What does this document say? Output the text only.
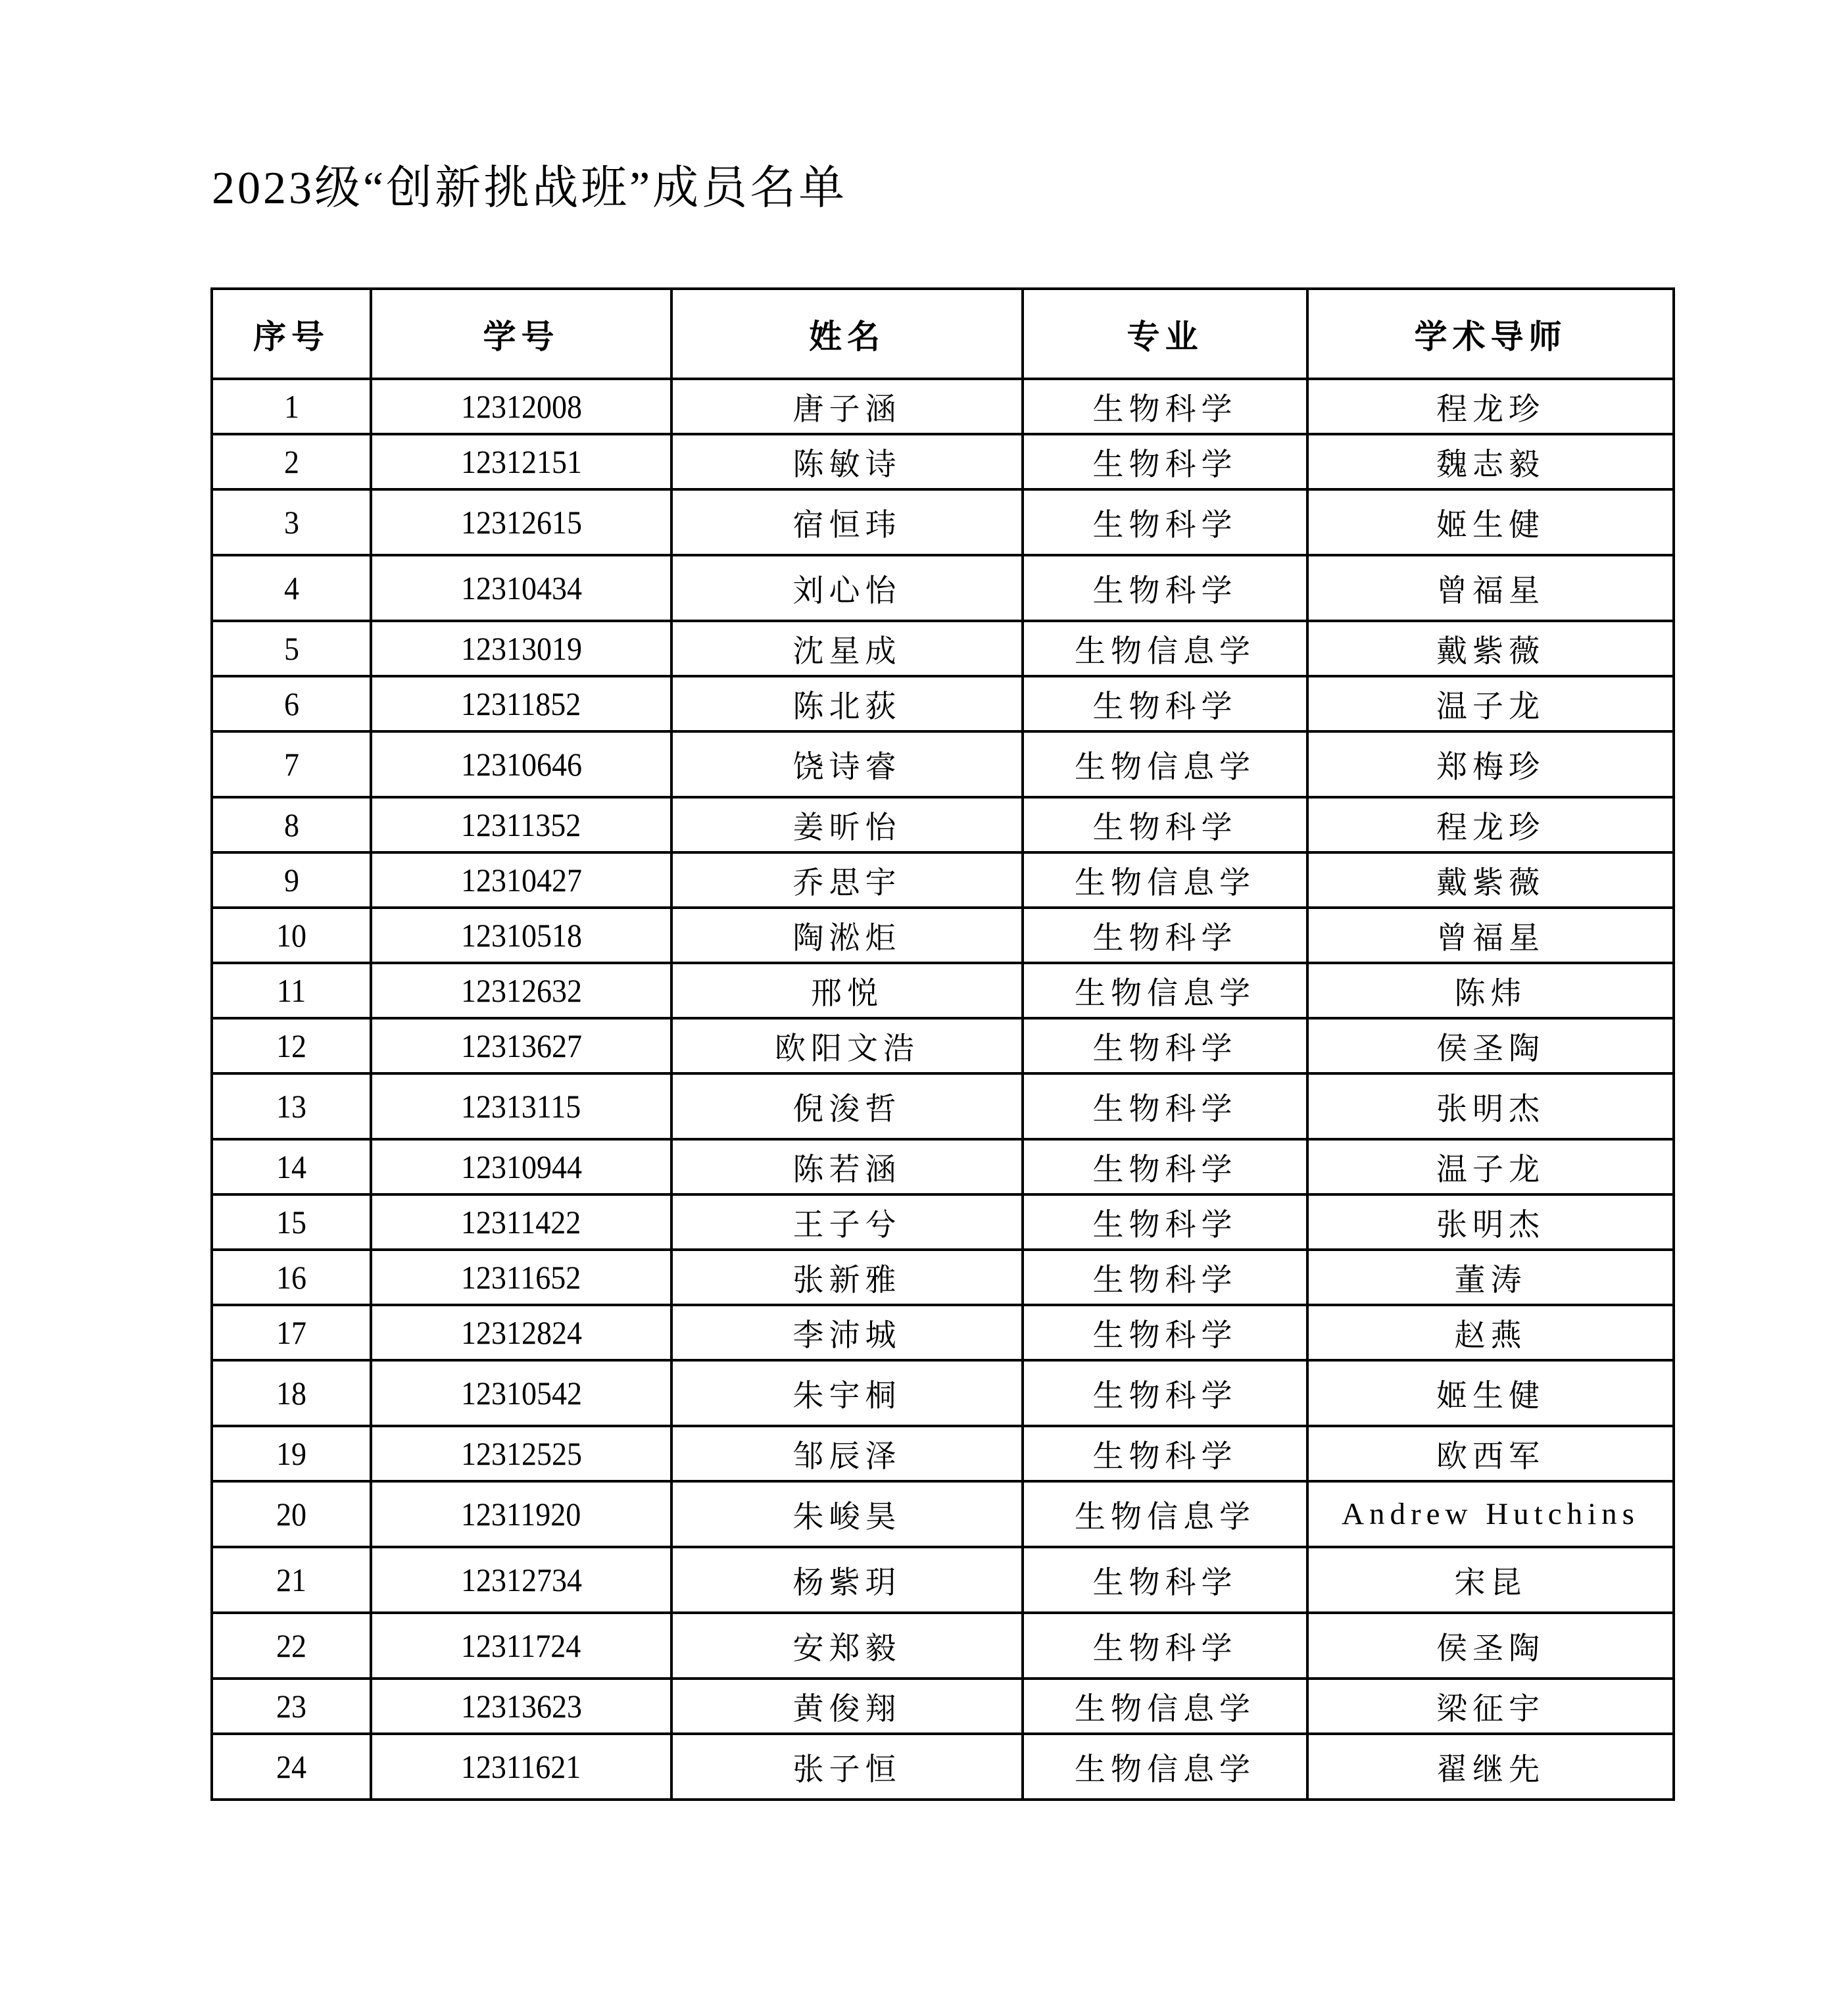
2023级“创新挑战班”成员名单
序号	学号	姓名	专业	学术导师
1	12312008	唐子涵	生物科学	程龙珍
2	12312151	陈敏诗	生物科学	魏志毅
3	12312615	宿恒玮	生物科学	姬生健
4	12310434	刘心怡	生物科学	曾福星
5	12313019	沈星成	生物信息学	戴紫薇
6	12311852	陈北荻	生物科学	温子龙
7	12310646	饶诗睿	生物信息学	郑梅珍
8	12311352	姜昕怡	生物科学	程龙珍
9	12310427	乔思宇	生物信息学	戴紫薇
10	12310518	陶淞炬	生物科学	曾福星
11	12312632	邢悦	生物信息学	陈炜
12	12313627	欧阳文浩	生物科学	侯圣陶
13	12313115	倪浚哲	生物科学	张明杰
14	12310944	陈若涵	生物科学	温子龙
15	12311422	王子兮	生物科学	张明杰
16	12311652	张新雅	生物科学	董涛
17	12312824	李沛城	生物科学	赵燕
18	12310542	朱宇桐	生物科学	姬生健
19	12312525	邹辰泽	生物科学	欧西军
20	12311920	朱峻昊	生物信息学	Andrew Hutchins
21	12312734	杨紫玥	生物科学	宋昆
22	12311724	安郑毅	生物科学	侯圣陶
23	12313623	黄俊翔	生物信息学	梁征宇
24	12311621	张子恒	生物信息学	翟继先
